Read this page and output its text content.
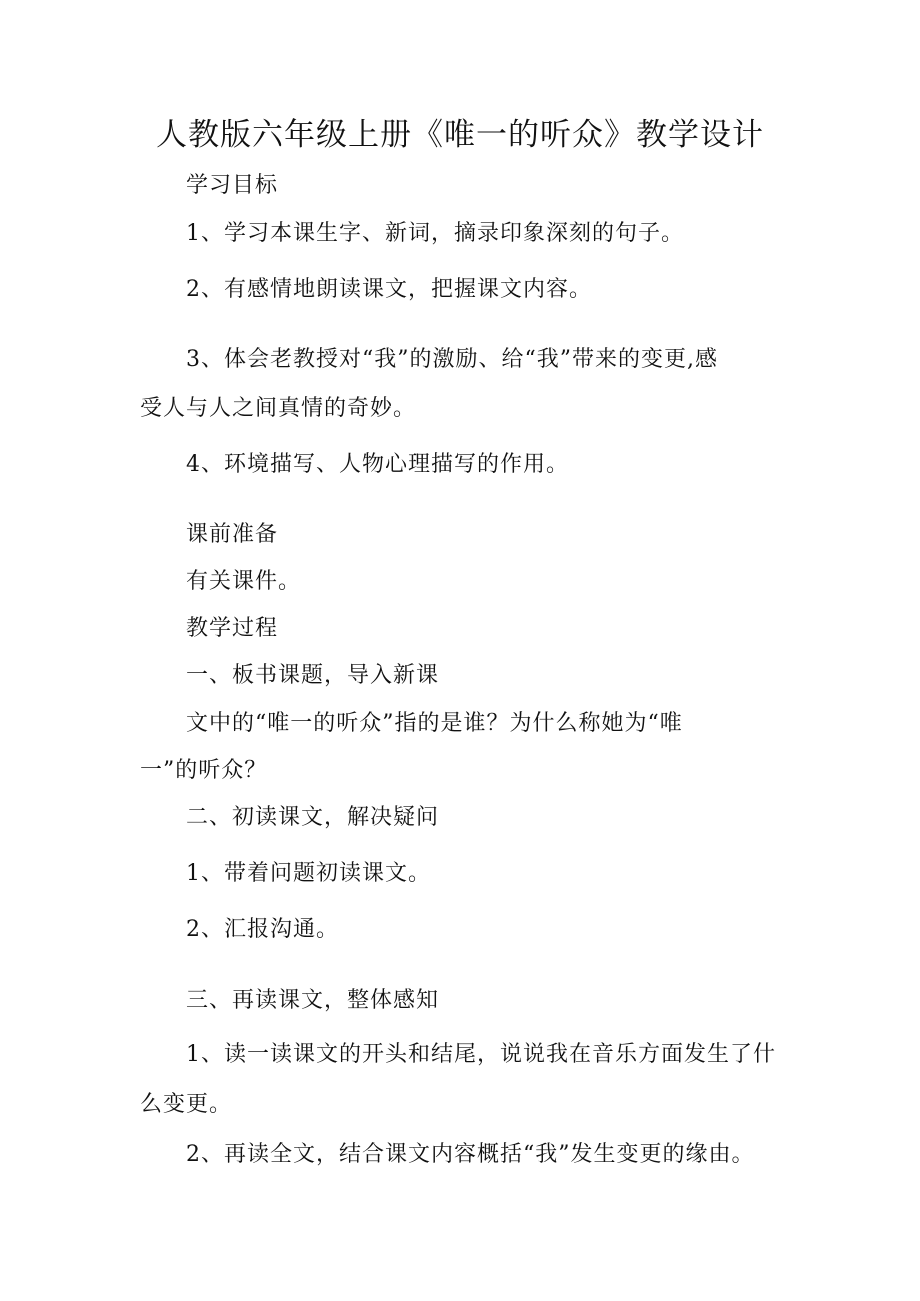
人教版六年级上册《唯一的听众》教学设计
学习目标
1、学习本课生字、新词，摘录印象深刻的句子。
2、有感情地朗读课文，把握课文内容。
3、体会老教授对“我”的激励、给“我”带来的变更,感
受人与人之间真情的奇妙。
4、环境描写、人物心理描写的作用。
课前准备
有关课件。
教学过程
一、板书课题，导入新课
文中的“唯一的听众”指的是谁？为什么称她为“唯
一”的听众？
二、初读课文，解决疑问
1、带着问题初读课文。
2、汇报沟通。
三、再读课文，整体感知
1、读一读课文的开头和结尾，说说我在音乐方面发生了什
么变更。
2、再读全文，结合课文内容概括“我”发生变更的缘由。
